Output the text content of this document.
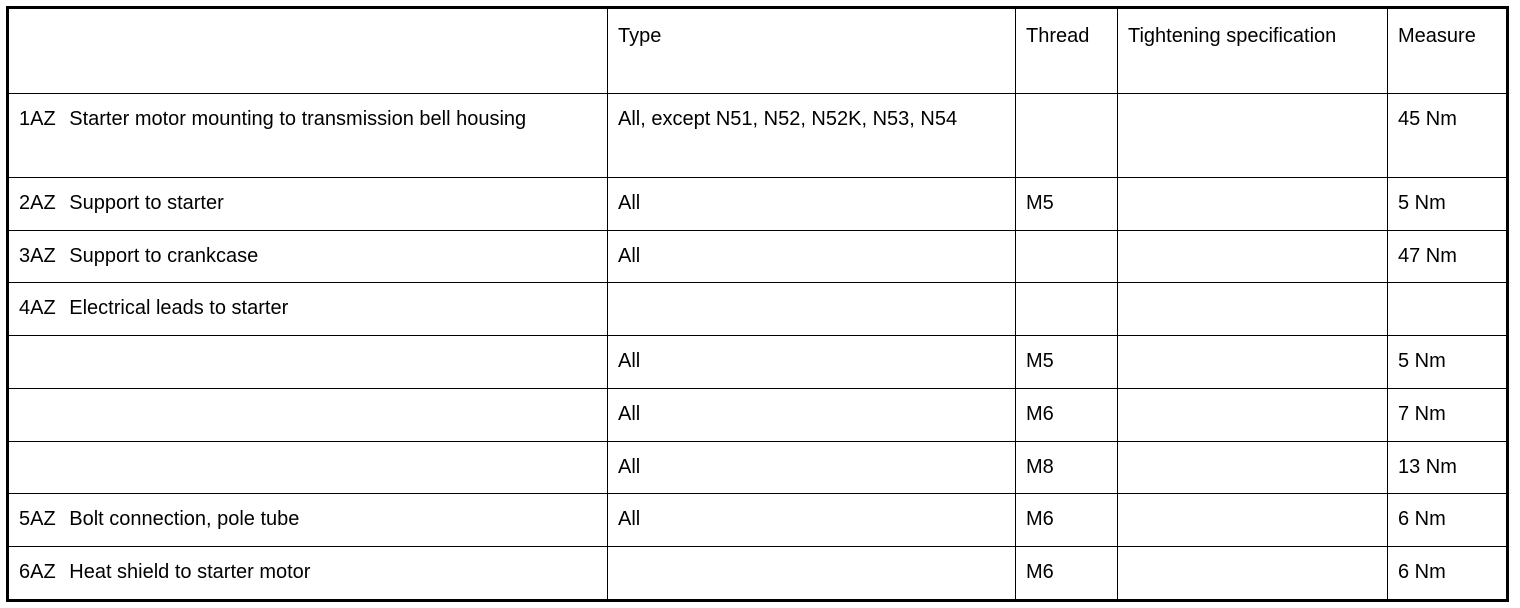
	Type	Thread	Tightening specification	Measure
1AZ Starter motor mounting to transmission bell housing	All, except N51, N52, N52K, N53, N54			45 Nm
2AZ Support to starter	All	M5		5 Nm
3AZ Support to crankcase	All			47 Nm
4AZ Electrical leads to starter				
	All	M5		5 Nm
	All	M6		7 Nm
	All	M8		13 Nm
5AZ Bolt connection, pole tube	All	M6		6 Nm
6AZ Heat shield to starter motor		M6		6 Nm
